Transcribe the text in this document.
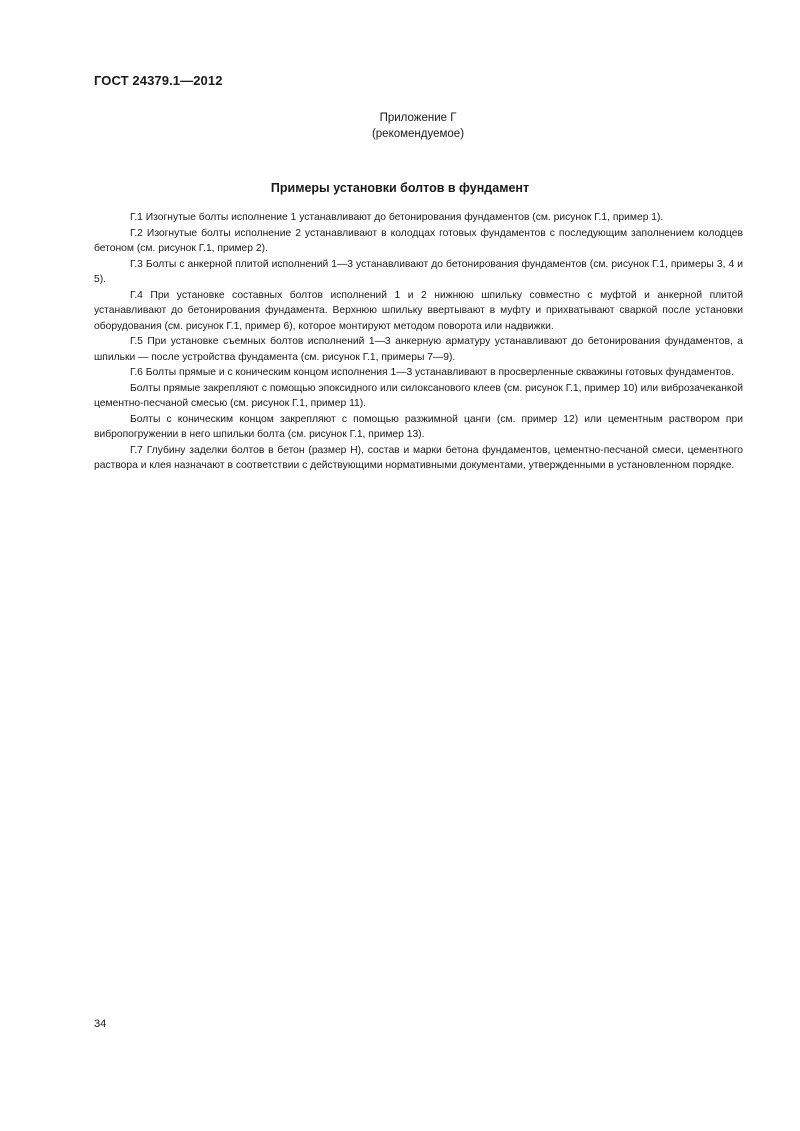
ГОСТ 24379.1—2012
Приложение Г
(рекомендуемое)
Примеры установки болтов в фундамент

Г.1 Изогнутые болты исполнение 1 устанавливают до бетонирования фундаментов (см. рисунок Г.1, пример 1).

Г.2 Изогнутые болты исполнение 2 устанавливают в колодцах готовых фундаментов с последующим заполнением колодцев бетоном (см. рисунок Г.1, пример 2).

Г.3 Болты с анкерной плитой исполнений 1—3 устанавливают до бетонирования фундаментов (см. рисунок Г.1, примеры 3, 4 и 5).

Г.4 При установке составных болтов исполнений 1 и 2 нижнюю шпильку совместно с муфтой и анкерной плитой устанавливают до бетонирования фундамента. Верхнюю шпильку ввертывают в муфту и прихватывают сваркой после установки оборудования (см. рисунок Г.1, пример 6), которое монтируют методом поворота или надвижки.

Г.5 При установке съемных болтов исполнений 1—3 анкерную арматуру устанавливают до бетонирования фундаментов, а шпильки — после устройства фундамента (см. рисунок Г.1, примеры 7—9).

Г.6 Болты прямые и с коническим концом исполнения 1—3 устанавливают в просверленные скважины готовых фундаментов.

Болты прямые закрепляют с помощью эпоксидного или силоксанового клеев (см. рисунок Г.1, пример 10) или виброзачеканкой цементно-песчаной смесью (см. рисунок Г.1, пример 11).

Болты с коническим концом закрепляют с помощью разжимной цанги (см. пример 12) или цементным раствором при вибропогружении в него шпильки болта (см. рисунок Г.1, пример 13).

Г.7 Глубину заделки болтов в бетон (размер Н), состав и марки бетона фундаментов, цементно-песчаной смеси, цементного раствора и клея назначают в соответствии с действующими нормативными документами, утвержденными в установленном порядке.

34
